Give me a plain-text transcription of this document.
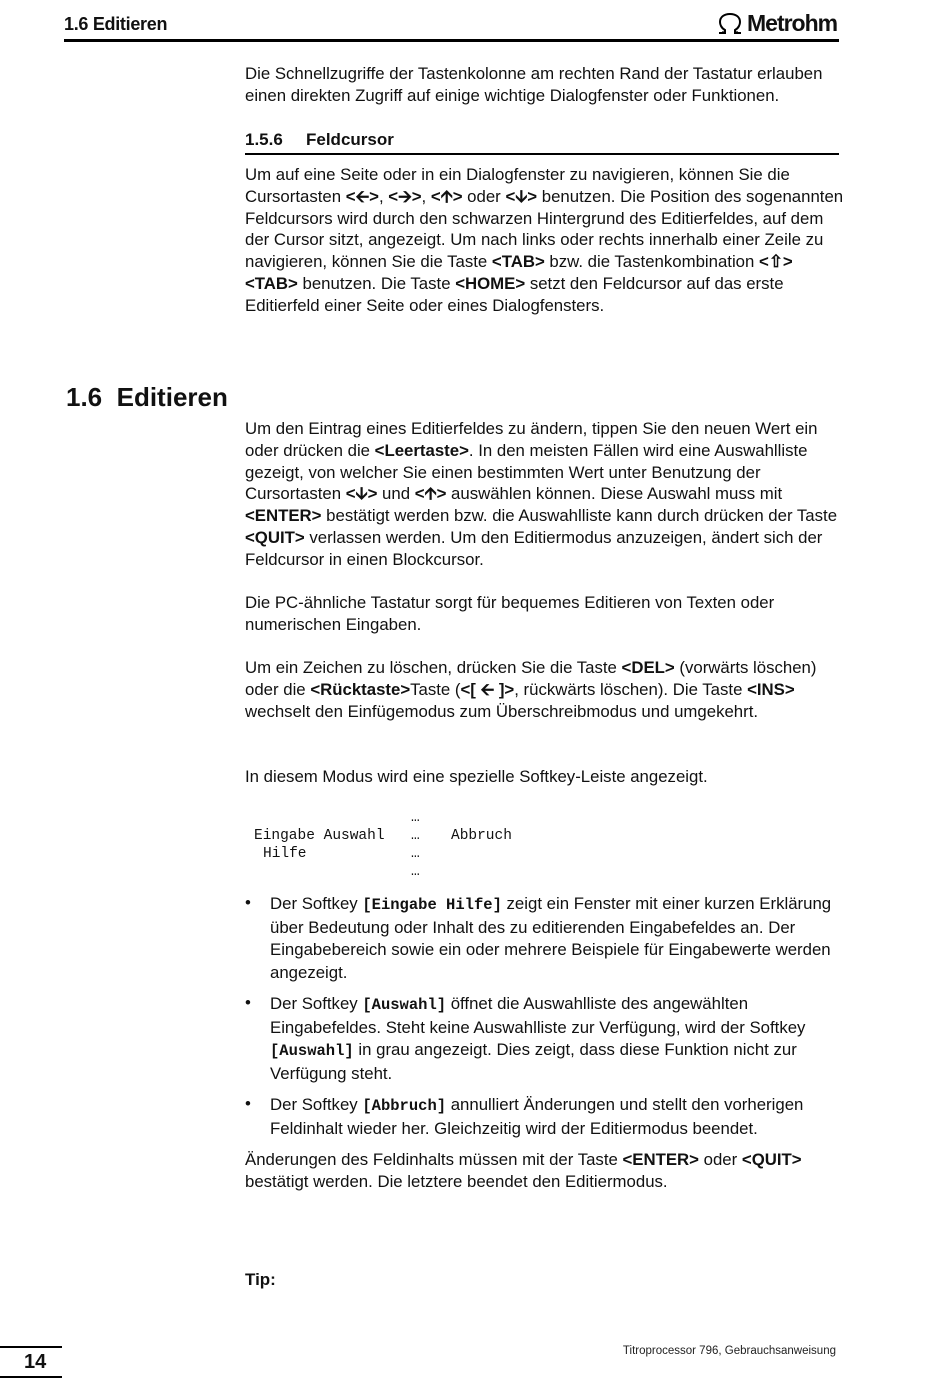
1.6 Editieren	Metrohm
Die Schnellzugriffe der Tastenkolonne am rechten Rand der Tastatur erlauben einen direkten Zugriff auf einige wichtige Dialogfenster oder Funktionen.
1.5.6 Feldcursor
Um auf eine Seite oder in ein Dialogfenster zu navigieren, können Sie die Cursortasten <🡨>, <🡪>, <🡩> oder <🡫> benutzen. Die Position des sogenannten Feldcursors wird durch den schwarzen Hintergrund des Editierfeldes, auf dem der Cursor sitzt, angezeigt. Um nach links oder rechts innerhalb einer Zeile zu navigieren, können Sie die Taste <TAB> bzw. die Tastenkombination <⇧><TAB> benutzen. Die Taste <HOME> setzt den Feldcursor auf das erste Editierfeld einer Seite oder eines Dialogfensters.
1.6 Editieren
Um den Eintrag eines Editierfeldes zu ändern, tippen Sie den neuen Wert ein oder drücken die <Leertaste>. In den meisten Fällen wird eine Auswahlliste gezeigt, von welcher Sie einen bestimmten Wert unter Benutzung der Cursortasten <🡫> und <🡩> auswählen können. Diese Auswahl muss mit <ENTER> bestätigt werden bzw. die Auswahlliste kann durch drücken der Taste <QUIT> verlassen werden. Um den Editiermodus anzuzeigen, ändert sich der Feldcursor in einen Blockcursor.
Die PC-ähnliche Tastatur sorgt für bequemes Editieren von Texten oder numerischen Eingaben.
Um ein Zeichen zu löschen, drücken Sie die Taste <DEL> (vorwärts löschen) oder die <Rücktaste>Taste (<[ 🡨 ]>, rückwärts löschen). Die Taste <INS> wechselt den Einfügemodus zum Überschreibmodus und umgekehrt.
In diesem Modus wird eine spezielle Softkey-Leiste angezeigt.
…
Eingabe Auswahl … Abbruch
Hilfe	…
…
• Der Softkey [Eingabe Hilfe] zeigt ein Fenster mit einer kurzen Erklärung über Bedeutung oder Inhalt des zu editierenden Eingabefeldes an. Der Eingabebereich sowie ein oder mehrere Beispiele für Eingabewerte werden angezeigt.
• Der Softkey [Auswahl] öffnet die Auswahlliste des angewählten Eingabefeldes. Steht keine Auswahlliste zur Verfügung, wird der Softkey [Auswahl] in grau angezeigt. Dies zeigt, dass diese Funktion nicht zur Verfügung steht.
• Der Softkey [Abbruch] annulliert Änderungen und stellt den vorherigen Feldinhalt wieder her. Gleichzeitig wird der Editiermodus beendet.
Änderungen des Feldinhalts müssen mit der Taste <ENTER> oder <QUIT> bestätigt werden. Die letztere beendet den Editiermodus.
Tip:
14	Titroprocessor 796, Gebrauchsanweisung
